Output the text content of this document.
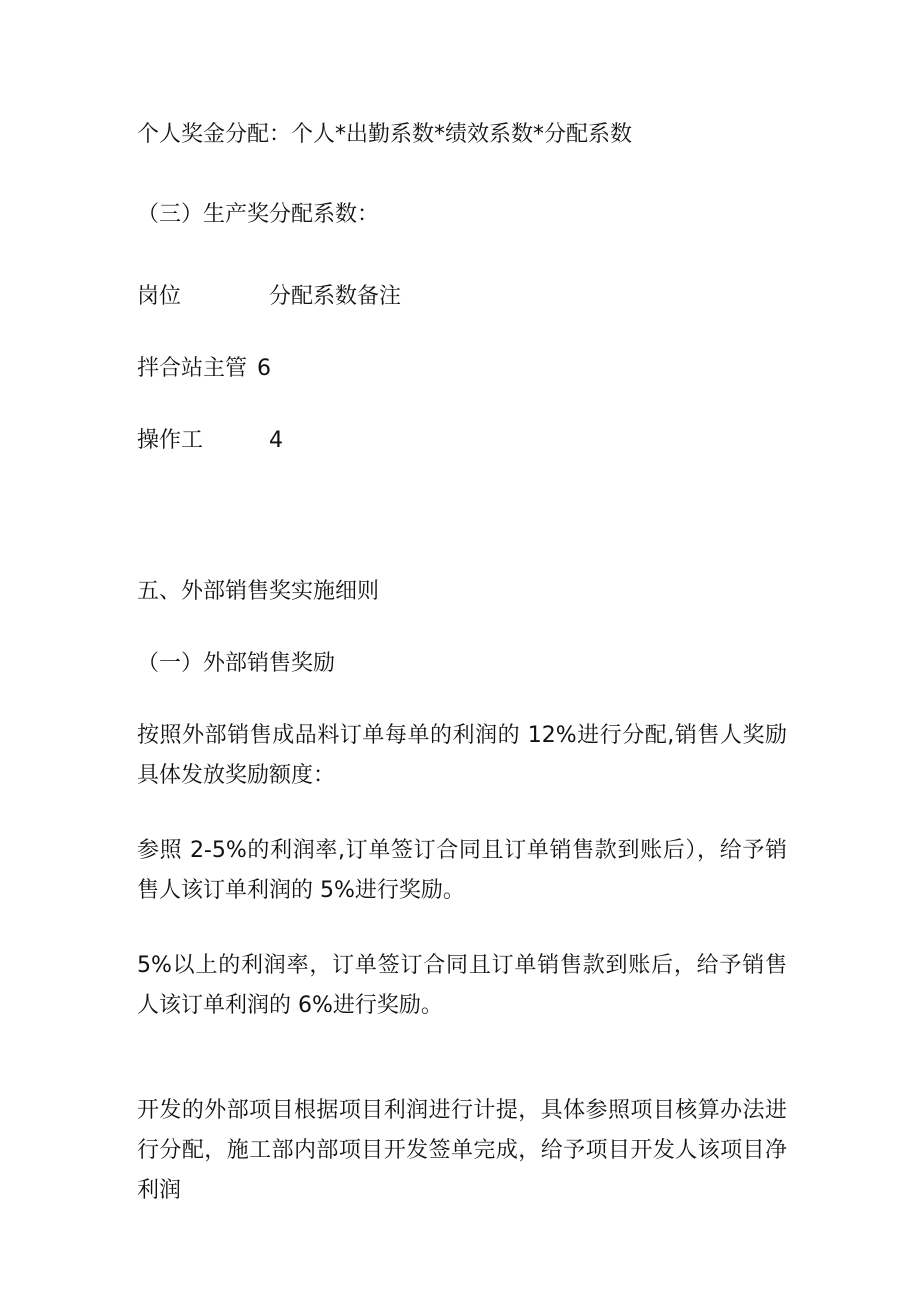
个人奖金分配：个人*出勤系数*绩效系数*分配系数

（三）生产奖分配系数：

岗位	分配系数备注
拌合站主管 6
操作工	4

五、外部销售奖实施细则

（一）外部销售奖励

按照外部销售成品料订单每单的利润的 12%进行分配,销售人奖励具体发放奖励额度：

参照 2-5%的利润率,订单签订合同且订单销售款到账后），给予销售人该订单利润的 5%进行奖励。

5%以上的利润率，订单签订合同且订单销售款到账后，给予销售人该订单利润的 6%进行奖励。

开发的外部项目根据项目利润进行计提，具体参照项目核算办法进行分配，施工部内部项目开发签单完成，给予项目开发人该项目净利润
